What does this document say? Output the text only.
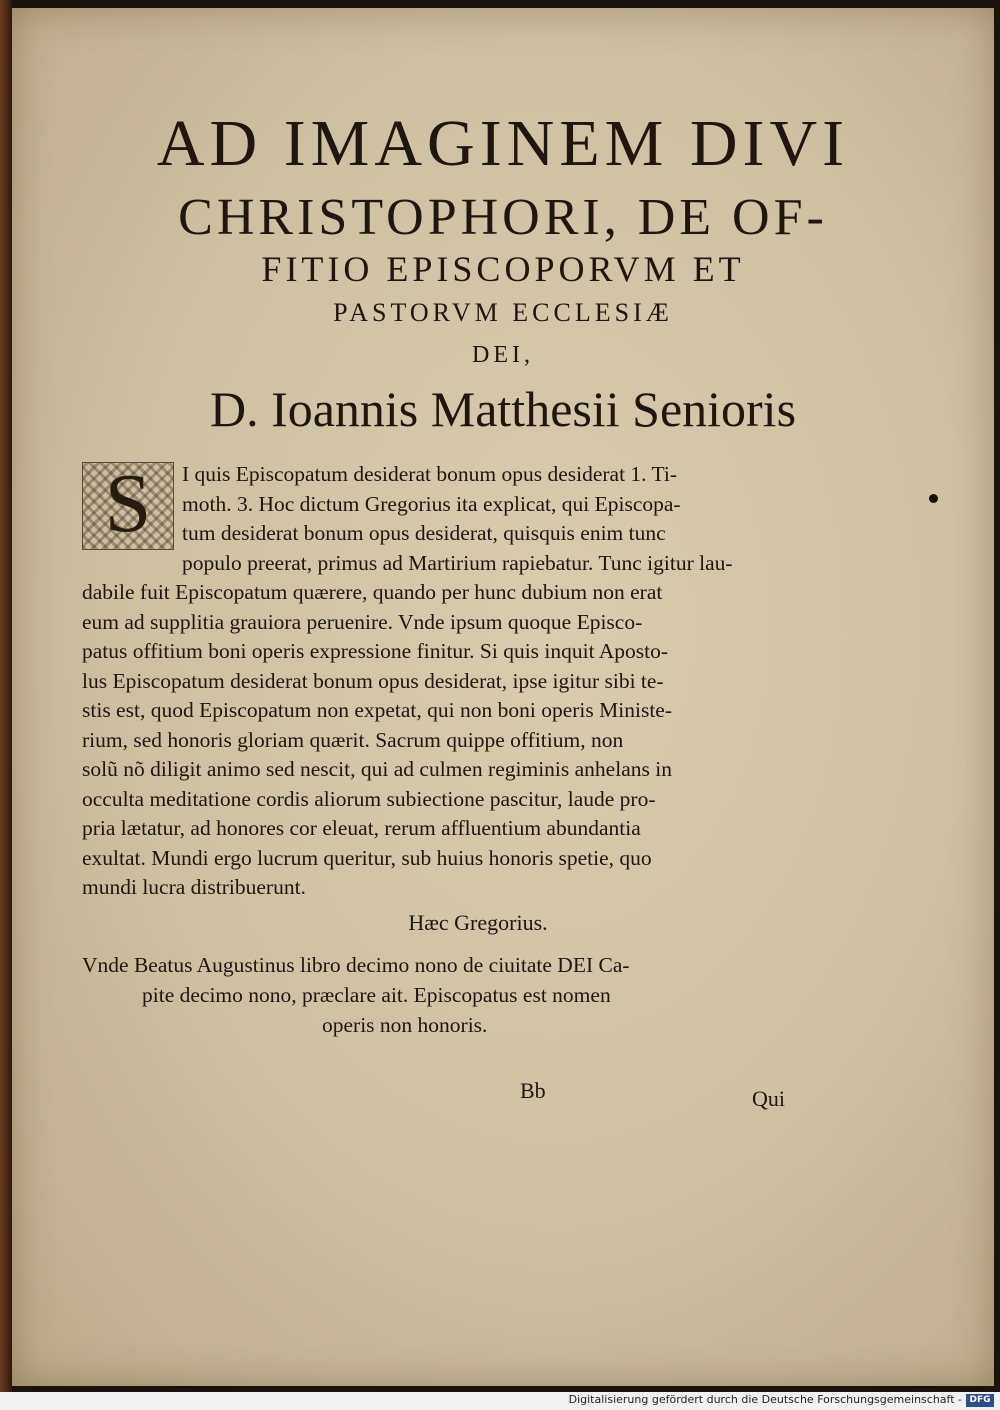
AD IMAGINEM DIVI
CHRISTOPHORI, DE OF-
FITIO EPISCOPORVM ET
PASTORVM ECCLESIÆ
DEI,
D. Ioannis Matthesii Senioris
S	I quis Episcopatum desiderat bonum opus desiderat 1. Ti-
moth. 3. Hoc dictum Gregorius ita explicat, qui Episcopa-
tum desiderat bonum opus desiderat, quisquis enim tunc
populo preerat, primus ad Martirium rapiebatur. Tunc igitur lau-
dabile fuit Episcopatum quærere, quando per hunc dubium non erat
eum ad supplitia grauiora peruenire. Vnde ipsum quoque Episco-
patus offitium boni operis expressione finitur. Si quis inquit Aposto-
lus Episcopatum desiderat bonum opus desiderat, ipse igitur sibi te-
stis est, quod Episcopatum non expetat, qui non boni operis Ministe-
rium, sed honoris gloriam quærit. Sacrum quippe offitium, non
solũ nõ diligit animo sed nescit, qui ad culmen regiminis anhelans in
occulta meditatione cordis aliorum subiectione pascitur, laude pro-
pria lætatur, ad honores cor eleuat, rerum affluentium abundantia
exultat. Mundi ergo lucrum queritur, sub huius honoris spetie, quo
mundi lucra distribuerunt.
Hæc Gregorius.
Vnde Beatus Augustinus libro decimo nono de ciuitate DEI Ca-
pite decimo nono, præclare ait. Episcopatus est nomen
operis non honoris.
Bb	Qui
Digitalisierung gefördert durch die Deutsche Forschungsgemeinschaft - DFG
